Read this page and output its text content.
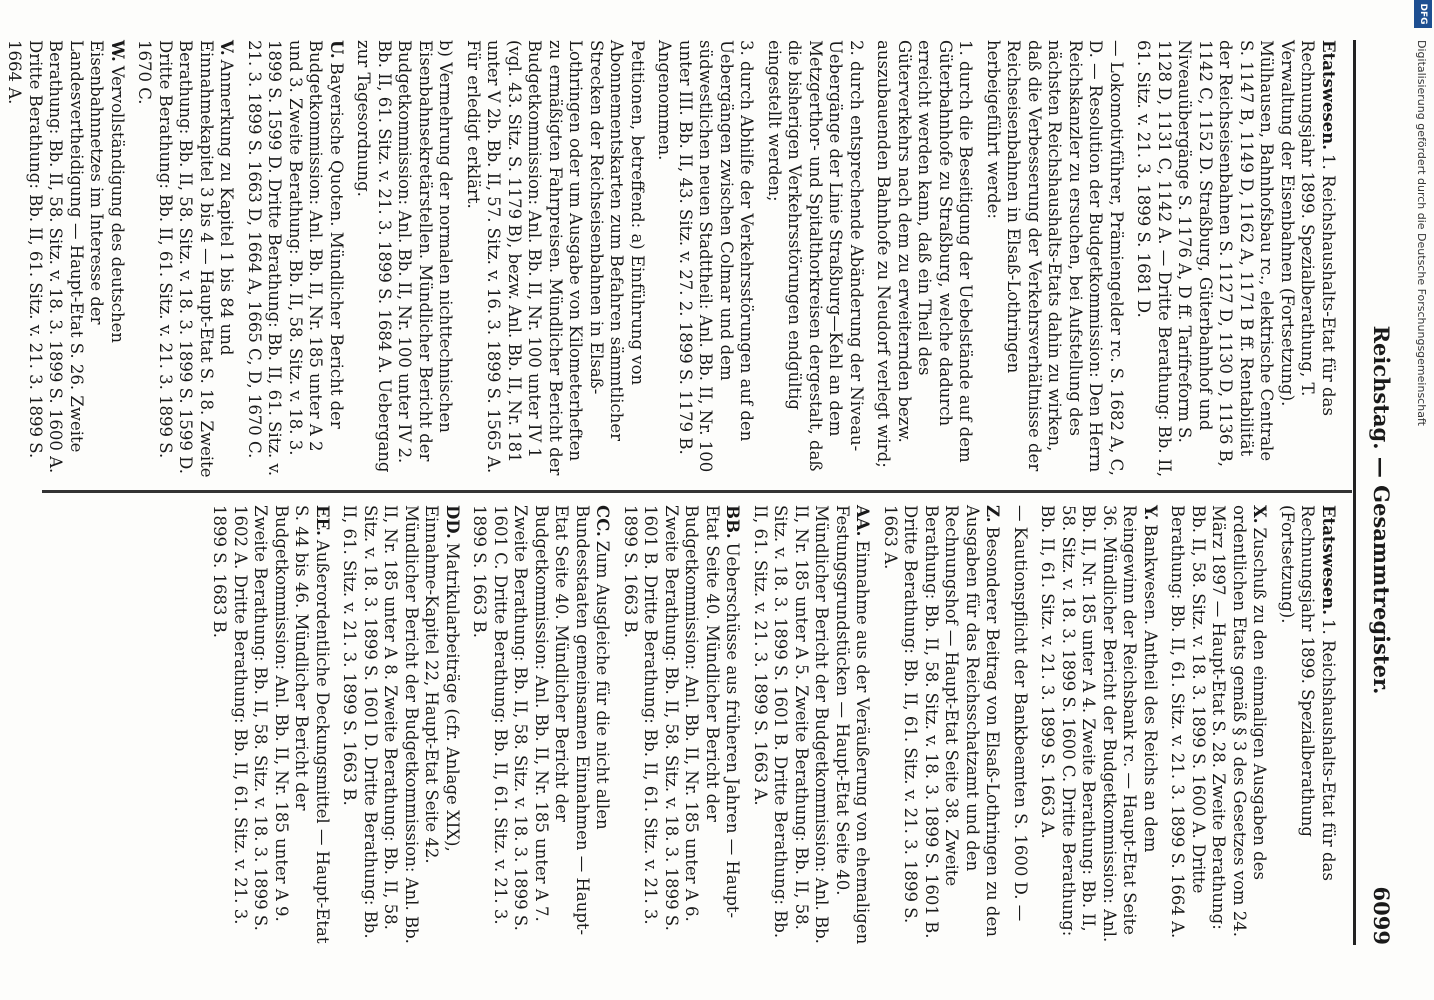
DFG
Digitalisierung gefördert durch die Deutsche Forschungsgemeinschaft
Reichstag. — Gesammtregister.
6099
Etatswesen.1. Reichshaushalts-Etat für das Rechnungsjahr 1899. Spezialberathung, T. Verwaltung der Eisenbahnen (Fortsetzung). Mülhausen, Bahnhofsbau rc., elektrische Centrale S. 1147 B, 1149 D, 1162 A, 1171 B ff. Rentabilität der Reichseisenbahnen S. 1127 D, 1130 D, 1136 B, 1142 C, 1152 D. Straßburg, Güterbahnhof und Niveauübergänge S. 1176 A, D ff. Tarifreform S. 1128 D, 1131 C, 1142 A. — Dritte Berathung: Bb. II, 61. Sitz. v. 21. 3. 1899 S. 1681 D.
— Lokomotivführer, Prämiengelder rc. S. 1682 A, C, D. — Resolution der Budgetkommission: Den Herrn Reichskanzler zu ersuchen, bei Aufstellung des nächsten Reichshaushalts-Etats dahin zu wirken, daß die Verbesserung der Verkehrsverhältnisse der Reichseisenbahnen in Elsaß-Lothringen herbeigeführt werde:
1. durch die Beseitigung der Uebelstände auf dem Güterbahnhofe zu Straßburg, welche dadurch erreicht werden kann, daß ein Theil des Güterverkehrs nach dem zu erweiternden bezw. auszubauenden Bahnhofe zu Neudorf verlegt wird;
2. durch entsprechende Abänderung der Niveau-Uebergänge der Linie Straßburg—Kehl an dem Metzgerthor- und Spitalthorkreisen dergestalt, daß die bisherigen Verkehrsstörungen endgültig eingestellt werden;
3. durch Abhilfe der Verkehrsstörungen auf den Uebergängen zwischen Colmar und dem südwestlichen neuen Stadttheil: Anl. Bb. II, Nr. 100 unter III. Bb. II, 43. Sitz. v. 27. 2. 1899 S. 1179 B. Angenommen.
Petitionen, betreffend: a) Einführung von Abonnementskarten zum Befahren sämmtlicher Strecken der Reichseisenbahnen in Elsaß-Lothringen oder um Ausgabe von Kilometerheften zu ermäßigten Fahrpreisen. Mündlicher Bericht der Budgetkommission: Anl. Bb. II, Nr. 100 unter IV 1 (vgl. 43. Sitz. S. 1179 B), bezw. Anl. Bb. II, Nr. 181 unter V 2b. Bb. II, 57. Sitz. v. 16. 3. 1899 S. 1565 A. Für erledigt erklärt.
b) Vermehrung der normalen nichttechnischen Eisenbahnsekretärstellen. Mündlicher Bericht der Budgetkommission: Anl. Bb. II, Nr. 100 unter IV 2. Bb. II, 61. Sitz. v. 21. 3. 1899 S. 1684 A. Uebergang zur Tagesordnung.
U.Bayerische Quoten. Mündlicher Bericht der Budgetkommission: Anl. Bb. II, Nr. 185 unter A 2 und 3. Zweite Berathung: Bb. II, 58. Sitz. v. 18. 3. 1899 S. 1599 D. Dritte Berathung: Bb. II, 61. Sitz. v. 21. 3. 1899 S. 1663 D, 1664 A, 1665 C, D, 1670 C.
V.Anmerkung zu Kapitel 1 bis 84 und Einnahmekapitel 3 bis 4 — Haupt-Etat S. 18. Zweite Berathung: Bb. II, 58. Sitz. v. 18. 3. 1899 S. 1599 D. Dritte Berathung: Bb. II, 61. Sitz. v. 21. 3. 1899 S. 1670 C.
W.Vervollständigung des deutschen Eisenbahnnetzes im Interesse der Landesvertheidigung — Haupt-Etat S. 26. Zweite Berathung: Bb. II, 58. Sitz. v. 18. 3. 1899 S. 1600 A. Dritte Berathung: Bb. II, 61. Sitz. v. 21. 3. 1899 S. 1664 A.
Etatswesen.1. Reichshaushalts-Etat für das Rechnungsjahr 1899. Spezialberathung (Fortsetzung).
X.Zuschuß zu den einmaligen Ausgaben des ordentlichen Etats gemäß § 3 des Gesetzes vom 24. März 1897 — Haupt-Etat S. 28. Zweite Berathung: Bb. II, 58. Sitz. v. 18. 3. 1899 S. 1600 A. Dritte Berathung: Bb. II, 61. Sitz. v. 21. 3. 1899 S. 1664 A.
Y.Bankwesen. Antheil des Reichs an dem Reingewinn der Reichsbank rc. — Haupt-Etat Seite 36. Mündlicher Bericht der Budgetkommission: Anl. Bb. II, Nr. 185 unter A 4. Zweite Berathung: Bb. II, 58. Sitz. v. 18. 3. 1899 S. 1600 C. Dritte Berathung: Bb. II, 61. Sitz. v. 21. 3. 1899 S. 1663 A.
— Kautionspflicht der Bankbeamten S. 1600 D. —
Z.Besonderer Beitrag von Elsaß-Lothringen zu den Ausgaben für das Reichsschatzamt und den Rechnungshof — Haupt-Etat Seite 38. Zweite Berathung: Bb. II, 58. Sitz. v. 18. 3. 1899 S. 1601 B. Dritte Berathung: Bb. II, 61. Sitz. v. 21. 3. 1899 S. 1663 A.
AA.Einnahme aus der Veräußerung von ehemaligen Festungsgrundstücken — Haupt-Etat Seite 40. Mündlicher Bericht der Budgetkommission: Anl. Bb. II, Nr. 185 unter A 5. Zweite Berathung: Bb. II, 58. Sitz. v. 18. 3. 1899 S. 1601 B. Dritte Berathung: Bb. II, 61. Sitz. v. 21. 3. 1899 S. 1663 A.
BB.Ueberschüsse aus früheren Jahren — Haupt-Etat Seite 40. Mündlicher Bericht der Budgetkommission: Anl. Bb. II, Nr. 185 unter A 6. Zweite Berathung: Bb. II, 58. Sitz. v. 18. 3. 1899 S. 1601 B. Dritte Berathung: Bb. II, 61. Sitz. v. 21. 3. 1899 S. 1663 B.
CC.Zum Ausgleiche für die nicht allen Bundesstaaten gemeinsamen Einnahmen — Haupt-Etat Seite 40. Mündlicher Bericht der Budgetkommission: Anl. Bb. II, Nr. 185 unter A 7. Zweite Berathung: Bb. II, 58. Sitz. v. 18. 3. 1899 S. 1601 C. Dritte Berathung: Bb. II, 61. Sitz. v. 21. 3. 1899 S. 1663 B.
DD.Matrikularbeiträge (cfr. Anlage XIX), Einnahme-Kapitel 22, Haupt-Etat Seite 42. Mündlicher Bericht der Budgetkommission: Anl. Bb. II, Nr. 185 unter A 8. Zweite Berathung: Bb. II, 58. Sitz. v. 18. 3. 1899 S. 1601 D. Dritte Berathung: Bb. II, 61. Sitz. v. 21. 3. 1899 S. 1663 B.
EE.Außerordentliche Deckungsmittel — Haupt-Etat S. 44 bis 46. Mündlicher Bericht der Budgetkommission: Anl. Bb. II, Nr. 185 unter A 9. Zweite Berathung: Bb. II, 58. Sitz. v. 18. 3. 1899 S. 1602 A. Dritte Berathung: Bb. II, 61. Sitz. v. 21. 3. 1899 S. 1683 B.
